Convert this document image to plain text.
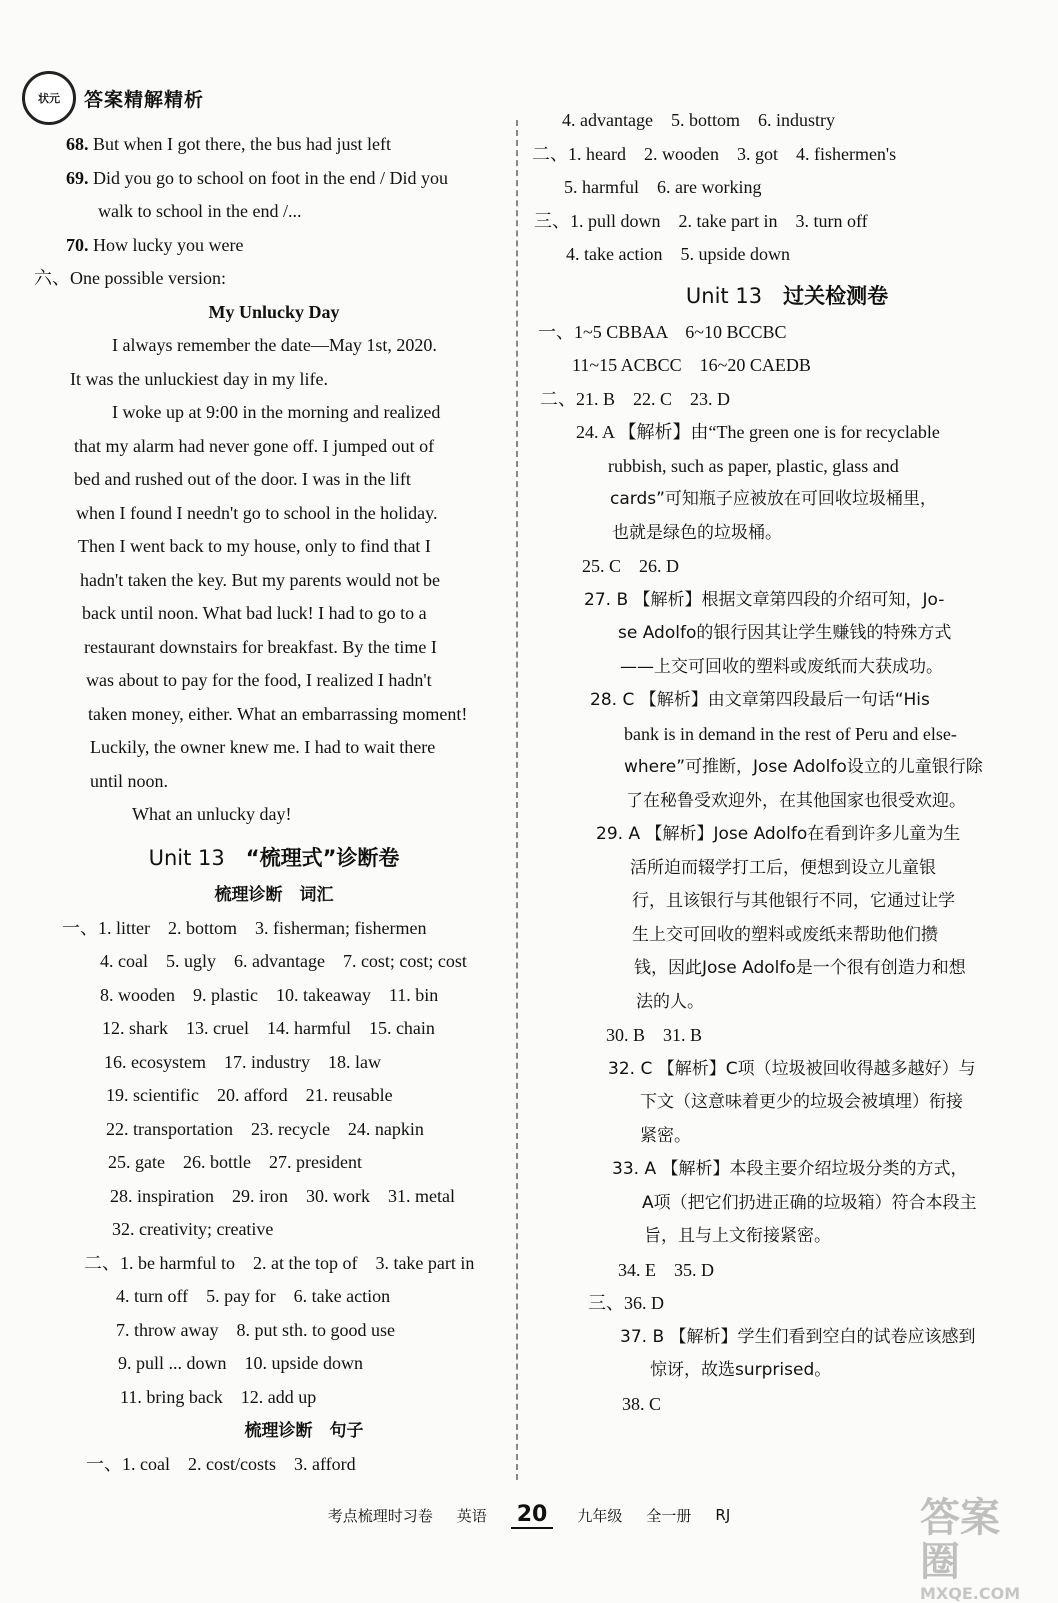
状元 答案精解精析
68. But when I got there, the bus had just left
69. Did you go to school on foot in the end / Did you
walk to school in the end /...
70. How lucky you were
六、One possible version:
My Unlucky Day
I always remember the date—May 1st, 2020.
It was the unluckiest day in my life.
I woke up at 9:00 in the morning and realized
that my alarm had never gone off. I jumped out of
bed and rushed out of the door. I was in the lift
when I found I needn't go to school in the holiday.
Then I went back to my house, only to find that I
hadn't taken the key. But my parents would not be
back until noon. What bad luck! I had to go to a
restaurant downstairs for breakfast. By the time I
was about to pay for the food, I realized I hadn't
taken money, either. What an embarrassing moment!
Luckily, the owner knew me. I had to wait there
until noon.
What an unlucky day!
Unit 13　 “梳理式”诊断卷
梳理诊断　词汇
一、1. litter　2. bottom　3. fisherman; fishermen
4. coal　5. ugly　6. advantage　7. cost; cost; cost
8. wooden　9. plastic　10. takeaway　11. bin
12. shark　13. cruel　14. harmful　15. chain
16. ecosystem　17. industry　18. law
19. scientific　20. afford　21. reusable
22. transportation　23. recycle　24. napkin
25. gate　26. bottle　27. president
28. inspiration　29. iron　30. work　31. metal
32. creativity; creative
二、1. be harmful to　2. at the top of　3. take part in
4. turn off　5. pay for　6. take action
7. throw away　8. put sth. to good use
9. pull ... down　10. upside down
11. bring back　12. add up
梳理诊断　句子
一、1. coal　2. cost/costs　3. afford
4. advantage　5. bottom　6. industry
二、1. heard　2. wooden　3. got　4. fishermen's
5. harmful　6. are working
三、1. pull down　2. take part in　3. turn off
4. take action　5. upside down
Unit 13　 过关检测卷
一、1~5 CBBAA　6~10 BCCBC
11~15 ACBCC　16~20 CAEDB
二、21. B　22. C　23. D
24. A 【解析】由“The green one is for recyclable
rubbish, such as paper, plastic, glass and
cards”可知瓶子应被放在可回收垃圾桶里，
也就是绿色的垃圾桶。
25. C　26. D
27. B 【解析】根据文章第四段的介绍可知，Jo-
se Adolfo的银行因其让学生赚钱的特殊方式
——上交可回收的塑料或废纸而大获成功。
28. C 【解析】由文章第四段最后一句话“His
bank is in demand in the rest of Peru and else-
where”可推断，Jose Adolfo设立的儿童银行除
了在秘鲁受欢迎外，在其他国家也很受欢迎。
29. A 【解析】Jose Adolfo在看到许多儿童为生
活所迫而辍学打工后，便想到设立儿童银
行，且该银行与其他银行不同，它通过让学
生上交可回收的塑料或废纸来帮助他们攒
钱，因此Jose Adolfo是一个很有创造力和想
法的人。
30. B　31. B
32. C 【解析】C项（垃圾被回收得越多越好）与
下文（这意味着更少的垃圾会被填埋）衔接
紧密。
33. A 【解析】本段主要介绍垃圾分类的方式，
A项（把它们扔进正确的垃圾箱）符合本段主
旨，且与上文衔接紧密。
34. E　35. D
三、36. D
37. B 【解析】学生们看到空白的试卷应该感到
惊讶，故选surprised。
38. C
考点梳理时习卷 英语 20	九年级 全一册 RJ	答案圈
MXQE.COM
